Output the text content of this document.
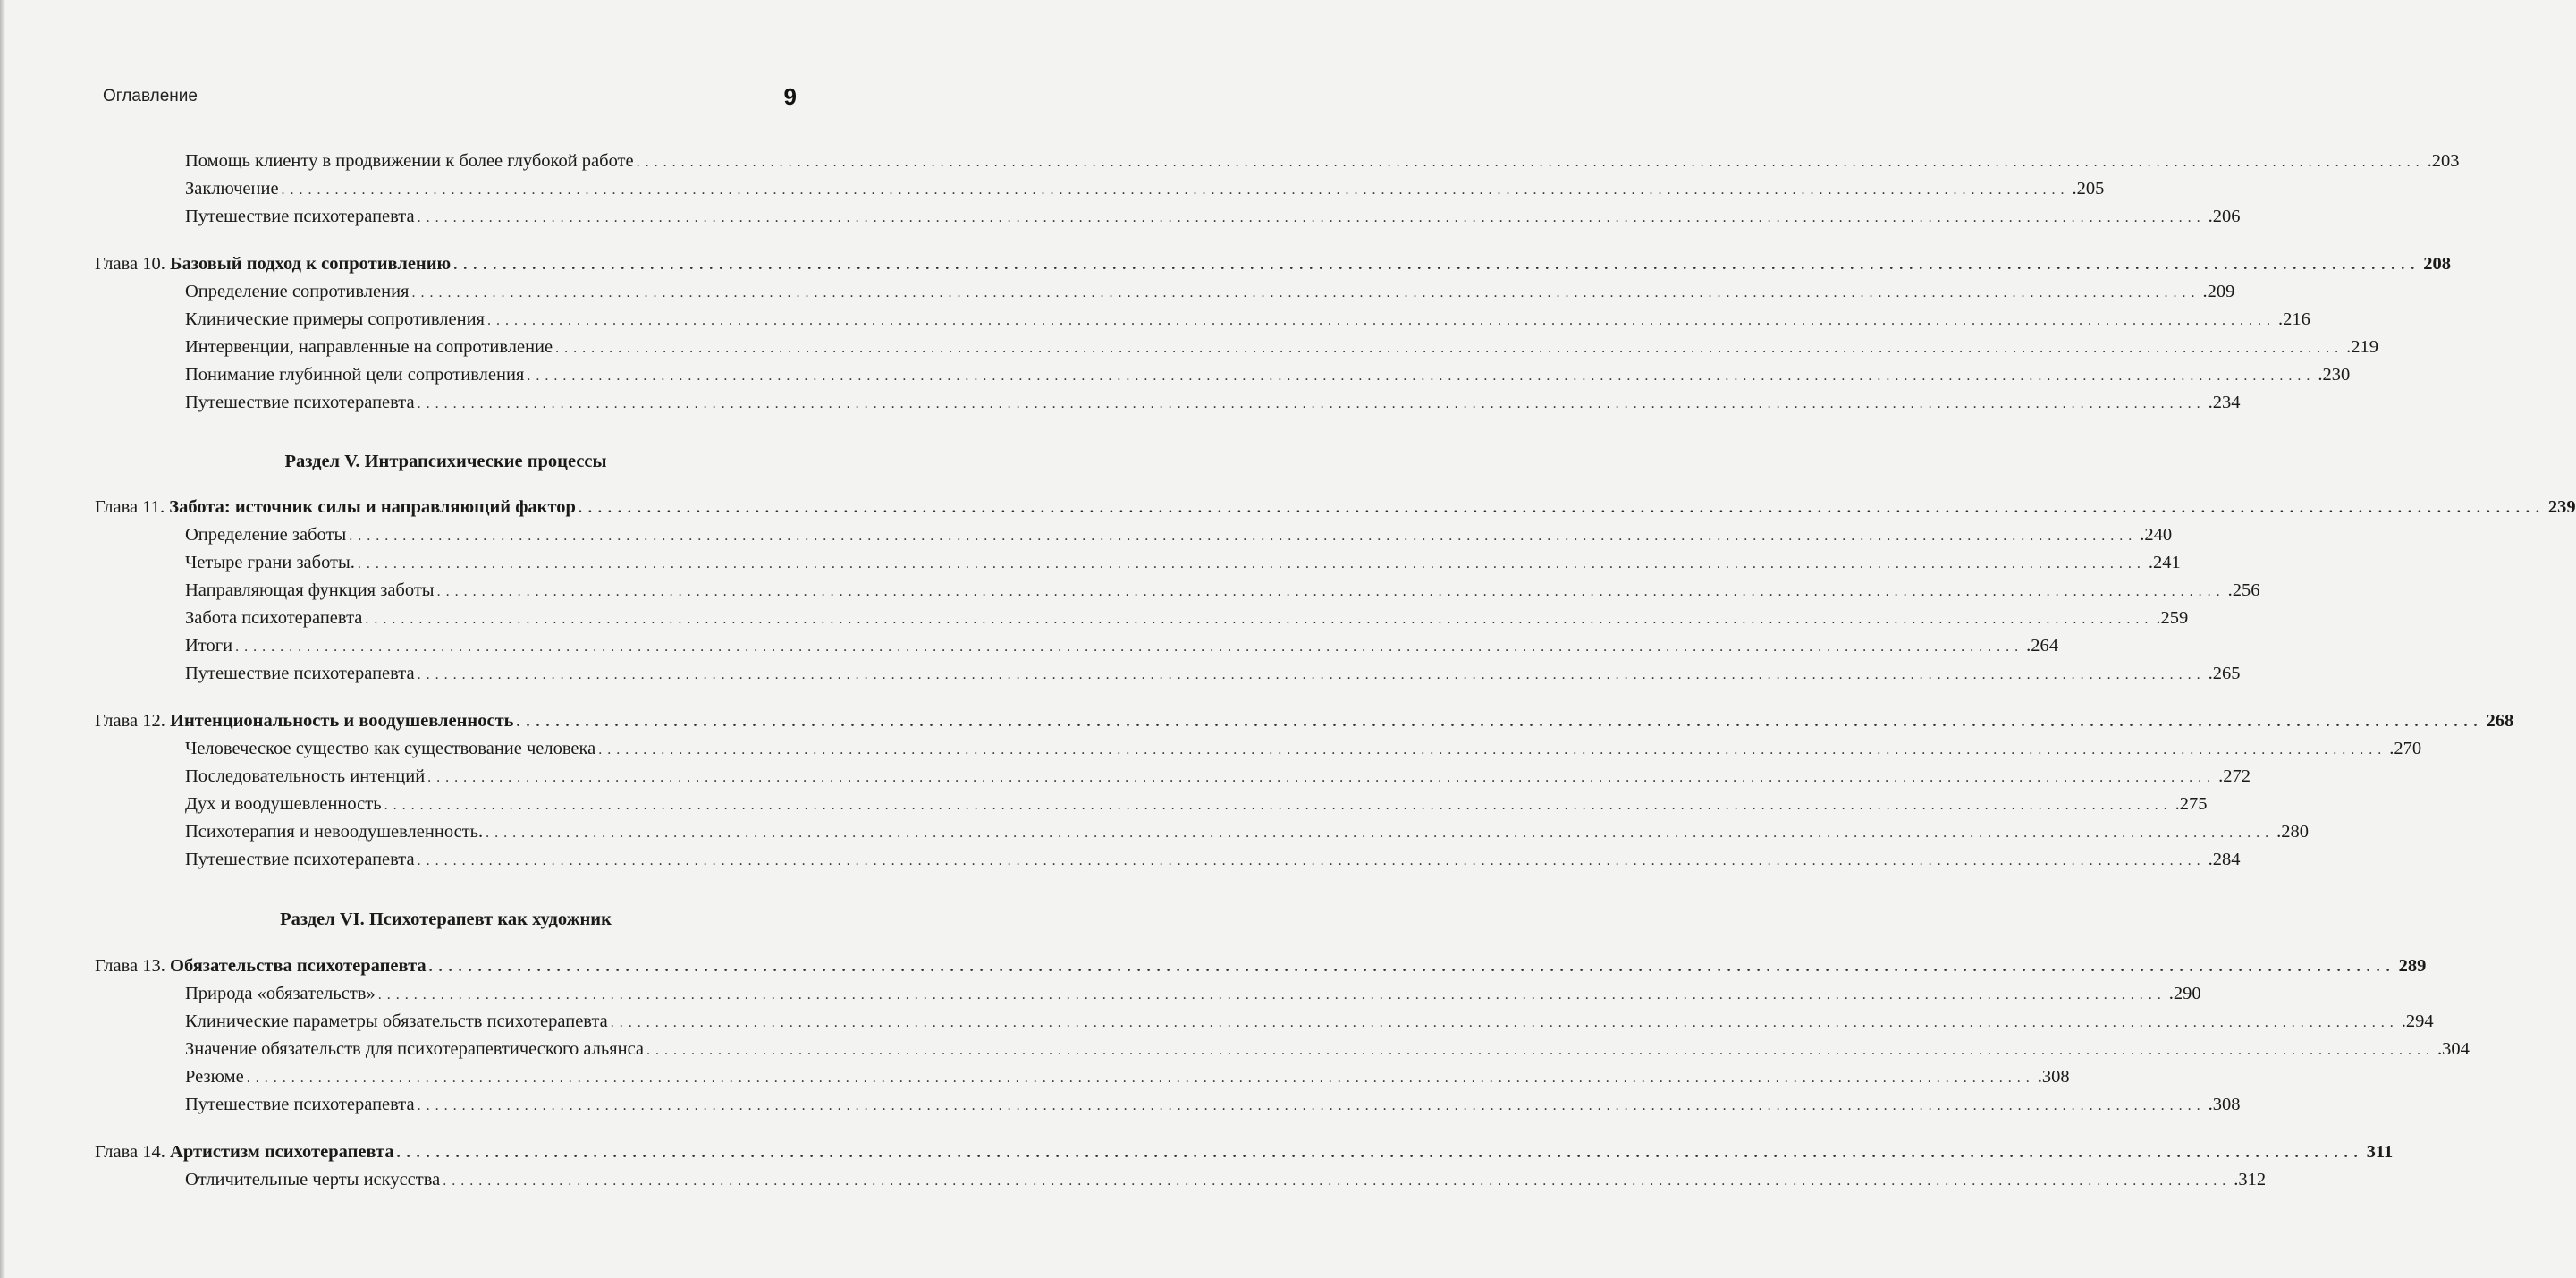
Оглавление	9
Помощь клиенту в продвижении к более глубокой работе ........................................................................................................................................................................................................ .203
Заключение ........................................................................................................................................................................................................ .205
Путешествие психотерапевта ........................................................................................................................................................................................................ .206
Глава 10. Базовый подход к сопротивлению ........................................................................................................................................................................................................ 208
Определение сопротивления ........................................................................................................................................................................................................ .209
Клинические примеры сопротивления ........................................................................................................................................................................................................ .216
Интервенции, направленные на сопротивление ........................................................................................................................................................................................................ .219
Понимание глубинной цели сопротивления ........................................................................................................................................................................................................ .230
Путешествие психотерапевта ........................................................................................................................................................................................................ .234
Раздел V. Интрапсихические процессы
Глава 11. Забота: источник силы и направляющий фактор ........................................................................................................................................................................................................ 239
Определение заботы ........................................................................................................................................................................................................ .240
Четыре грани заботы. ........................................................................................................................................................................................................ .241
Направляющая функция заботы ........................................................................................................................................................................................................ .256
Забота психотерапевта ........................................................................................................................................................................................................ .259
Итоги ........................................................................................................................................................................................................ .264
Путешествие психотерапевта ........................................................................................................................................................................................................ .265
Глава 12. Интенциональность и воодушевленность ........................................................................................................................................................................................................ 268
Человеческое существо как существование человека ........................................................................................................................................................................................................ .270
Последовательность интенций ........................................................................................................................................................................................................ .272
Дух и воодушевленность ........................................................................................................................................................................................................ .275
Психотерапия и невоодушевленность. ........................................................................................................................................................................................................ .280
Путешествие психотерапевта ........................................................................................................................................................................................................ .284
Раздел VI. Психотерапевт как художник
Глава 13. Обязательства психотерапевта ........................................................................................................................................................................................................ 289
Природа «обязательств» ........................................................................................................................................................................................................ .290
Клинические параметры обязательств психотерапевта ........................................................................................................................................................................................................ .294
Значение обязательств для психотерапевтического альянса ........................................................................................................................................................................................................ .304
Резюме ........................................................................................................................................................................................................ .308
Путешествие психотерапевта ........................................................................................................................................................................................................ .308
Глава 14. Артистизм психотерапевта ........................................................................................................................................................................................................ 311
Отличительные черты искусства ........................................................................................................................................................................................................ .312
